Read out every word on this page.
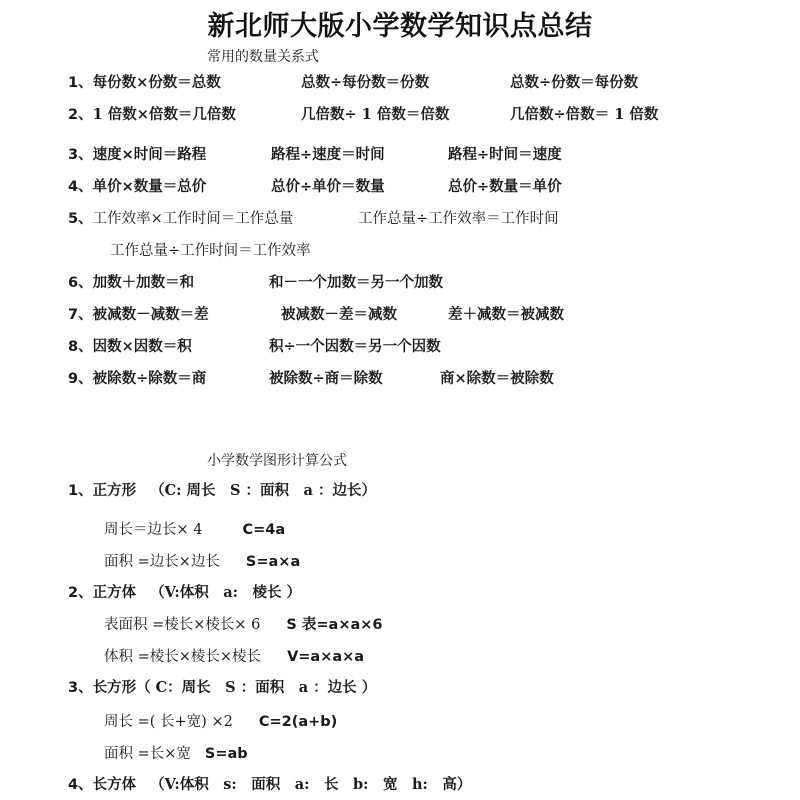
新北师大版小学数学知识点总结
常用的数量关系式
1、每份数×份数＝总数	总数÷每份数＝份数	总数÷份数＝每份数
2、1 倍数×倍数＝几倍数	几倍数÷ 1 倍数＝倍数	几倍数÷倍数＝ 1 倍数
3、速度×时间＝路程	路程÷速度＝时间	路程÷时间＝速度
4、单价×数量＝总价	总价÷单价＝数量	总价÷数量＝单价
5、工作效率×工作时间＝工作总量	工作总量÷工作效率＝工作时间
工作总量÷工作时间＝工作效率
6、加数＋加数＝和	和－一个加数＝另一个加数
7、被减数－减数＝差	被减数－差＝减数	差＋减数＝被减数
8、因数×因数＝积	积÷一个因数＝另一个因数
9、被除数÷除数＝商	被除数÷商＝除数	商×除数＝被除数
小学数学图形计算公式
1、正方形 （C: 周长　S ：面积　a ：边长）
周长＝边长× 4	C=4a
面积 =边长×边长 S=a×a
2、正方体 （V:体积　a:　棱长 ）
表面积 =棱长×棱长× 6 S 表=a×a×6
体积 =棱长×棱长×棱长 V=a×a×a
3、长方形（ C：周长　S ：面积　a ：边长 ）
周长 =( 长+宽) ×2 C=2(a+b)
面积 =长×宽 S=ab
4、长方体 （V:体积　s:　面积　a:　长　b:　宽　h:　高）
